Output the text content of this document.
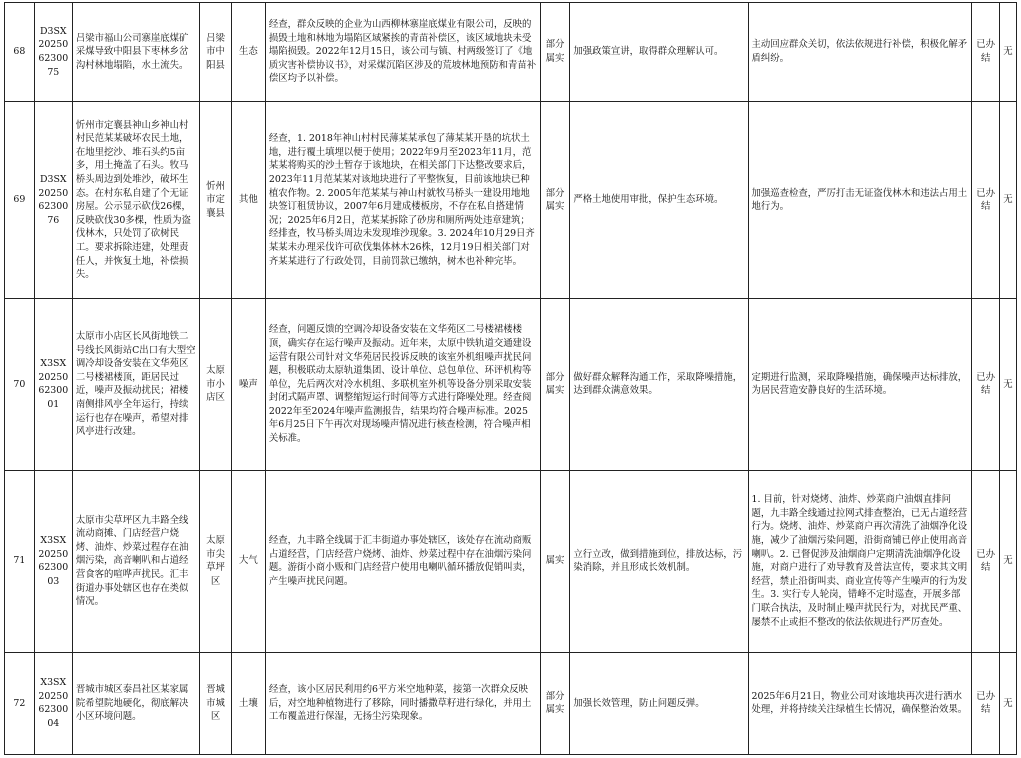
68	D3SX2025062300 75	吕梁市福山公司寨崖底煤矿采煤导致中阳县下枣林乡岔沟村林地塌陷，水土流失。	吕梁市中阳县	生态	经查，群众反映的企业为山西柳林寨崖底煤业有限公司，反映的损毁土地和林地为塌陷区域紧挨的青苗补偿区，该区域地块未受塌陷损毁。2022年12月15日，该公司与镇、村两级签订了《地质灾害补偿协议书》，对采煤沉陷区涉及的荒坡林地预防和青苗补偿区均予以补偿。	部分属实	加强政策宣讲，取得群众理解认可。	主动回应群众关切，依法依规进行补偿，积极化解矛盾纠纷。	已办结	无
69	D3SX2025062300 76	忻州市定襄县神山乡神山村村民范某某破坏农民土地，在地里挖沙、堆石头约5亩多，用土掩盖了石头。牧马桥头周边到处堆沙，破坏生态。在村东私自建了个无证房屋。公示显示砍伐26棵，反映砍伐30多棵，性质为盗伐林木，只处罚了砍树民工。要求拆除违建，处理责任人，并恢复土地，补偿损失。	忻州市定襄县	其他	经查，1. 2018年神山村村民薄某某承包了薄某某开垦的坑状土地，进行覆土填埋以便于使用；2022年9月至2023年11月，范某某将购买的沙土暂存于该地块，在相关部门下达整改要求后，2023年11月范某某对该地块进行了平整恢复，目前该地块已种植农作物。2. 2005年范某某与神山村就牧马桥头一建设用地地块签订租赁协议，2007年6月建成楼板房，不存在私自搭建情况；2025年6月2日，范某某拆除了砂房和厕所两处违章建筑；经排查，牧马桥头周边未发现堆沙现象。3. 2024年10月29日齐某某未办理采伐许可砍伐集体林木26株，12月19日相关部门对齐某某进行了行政处罚，目前罚款已缴纳，树木也补种完毕。	部分属实	严格土地使用审批，保护生态环境。	加强巡查检查，严厉打击无证盗伐林木和违法占用土地行为。	已办结	无
70	X3SX2025062300 01	太原市小店区长风街地铁二号线长风街站C出口有大型空调冷却设备安装在文华苑区二号楼裙楼顶，距居民过近，噪声及振动扰民；裙楼南侧排风亭全年运行，持续运行也存在噪声，希望对排风亭进行改建。	太原市小店区	噪声	经查，问题反馈的空调冷却设备安装在文华苑区二号楼裙楼楼顶，确实存在运行噪声及振动。近年来，太原中铁轨道交通建设运营有限公司针对文华苑居民投诉反映的该室外机组噪声扰民问题，积极联动太原轨道集团、设计单位、总包单位、环评机构等单位，先后两次对冷水机组、多联机室外机等设备分别采取安装封闭式隔声罩、调整缩短运行时间等方式进行降噪处理。经查阅2022年至2024年噪声监测报告，结果均符合噪声标准。2025年6月25日下午再次对现场噪声情况进行核查检测，符合噪声相关标准。	部分属实	做好群众解释沟通工作，采取降噪措施，达到群众满意效果。	定期进行监测，采取降噪措施，确保噪声达标排放，为居民营造安静良好的生活环境。	已办结	无
71	X3SX2025062300 03	太原市尖草坪区九丰路全线流动商摊、门店经营户烧烤、油炸、炒菜过程存在油烟污染，高音喇叭和占道经营食客的喧哗声扰民。汇丰街道办事处辖区也存在类似情况。	太原市尖草坪区	大气	经查，九丰路全线属于汇丰街道办事处辖区，该处存在流动商贩占道经营，门店经营户烧烤、油炸、炒菜过程中存在油烟污染问题。游街小商小贩和门店经营户使用电喇叭循环播放促销叫卖，产生噪声扰民问题。	属实	立行立改，做到措施到位，排放达标，污染消除，并且形成长效机制。	1. 目前，针对烧烤、油炸、炒菜商户油烟直排问题，九丰路全线通过拉网式排查整治，已无占道经营行为。烧烤、油炸、炒菜商户再次清洗了油烟净化设施，减少了油烟污染问题，沿街商铺已停止使用高音喇叭。2. 已督促涉及油烟商户定期清洗油烟净化设施，对商户进行了劝导教育及普法宣传，要求其文明经营，禁止沿街叫卖、商业宣传等产生噪声的行为发生。3. 实行专人轮岗，错峰不定时巡查，开展多部门联合执法，及时制止噪声扰民行为，对扰民严重、屡禁不止或拒不整改的依法依规进行严厉查处。	已办结	无
72	X3SX2025062300 04	晋城市城区泰昌社区某家属院希望院地硬化，彻底解决小区环境问题。	晋城市城区	土壤	经查，该小区居民利用约6平方米空地种菜，接第一次群众反映后，对空地种植物进行了移除，同时播撒草籽进行绿化，并用土工布覆盖进行保湿，无扬尘污染现象。	部分属实	加强长效管理，防止问题反弹。	2025年6月21日，物业公司对该地块再次进行洒水处理，并将持续关注绿植生长情况，确保整治效果。	已办结	无
